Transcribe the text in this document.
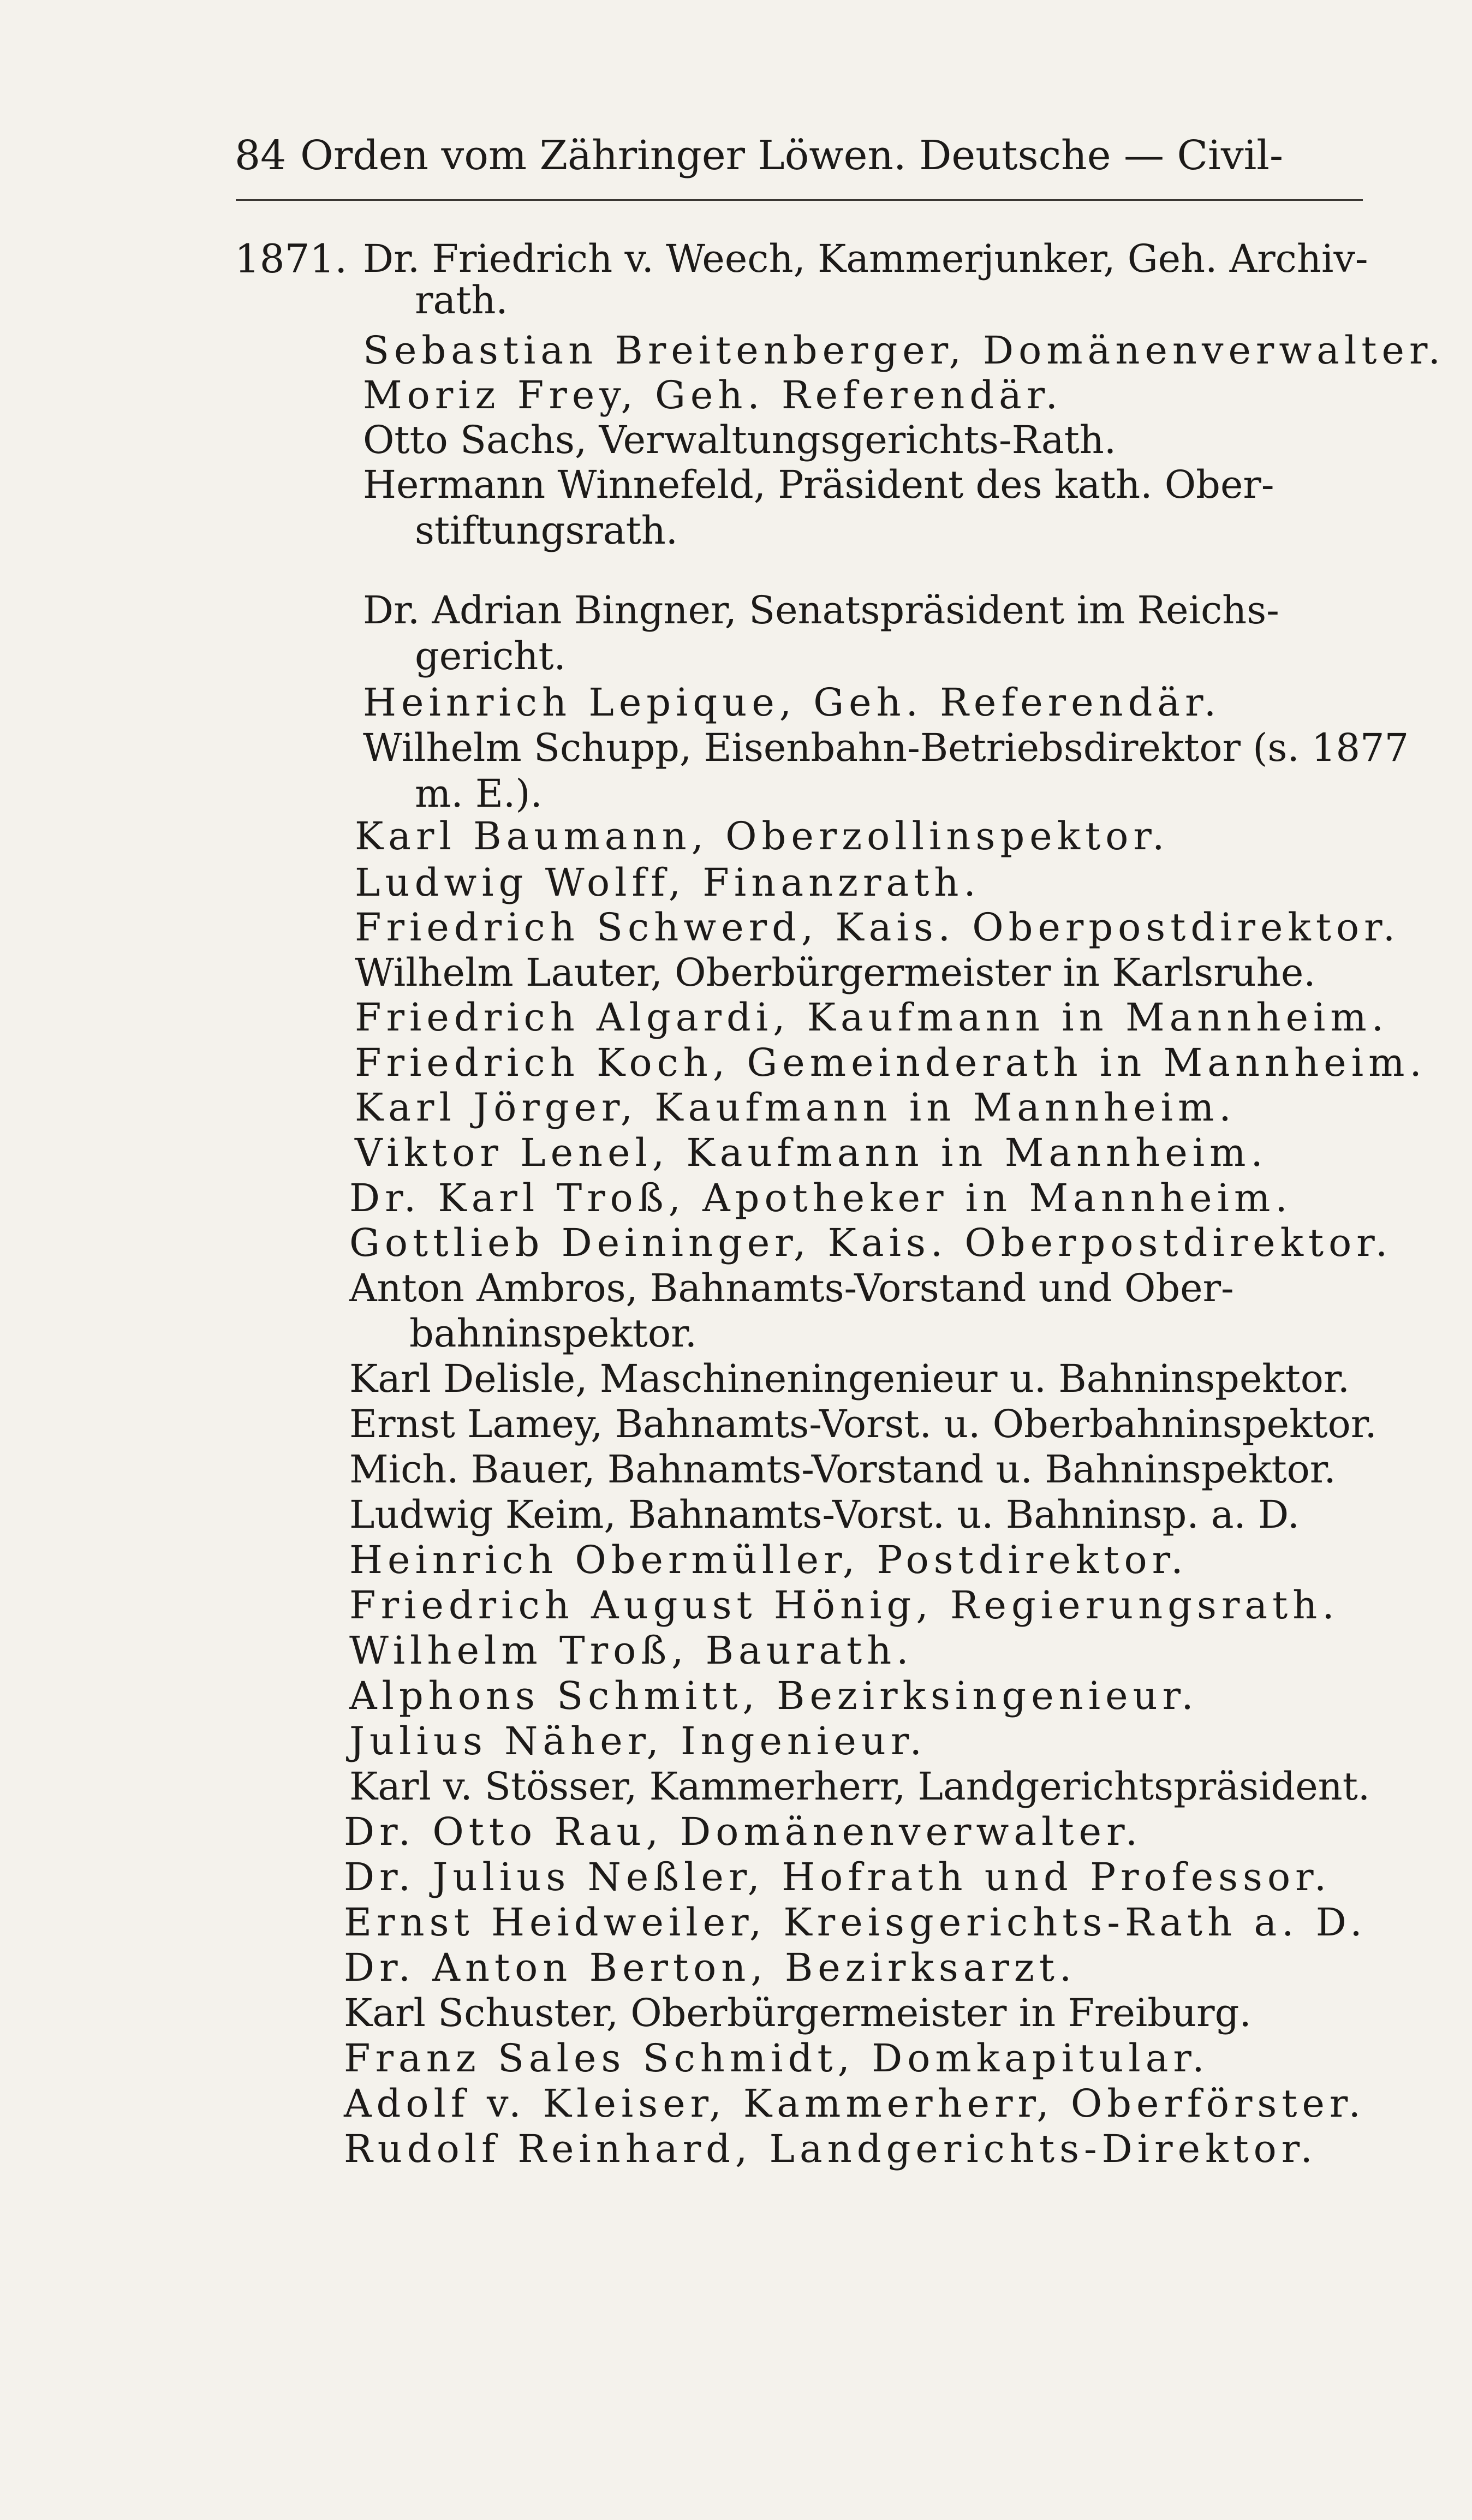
84 Orden vom Zähringer Löwen. Deutsche — Civil-
1871. Dr. Friedrich v. Weech, Kammerjunker, Geh. Archiv-
rath.
Sebastian Breitenberger, Domänenverwalter.
Moriz Frey, Geh. Referendär.
Otto Sachs, Verwaltungsgerichts-Rath.
Hermann Winnefeld, Präsident des kath. Ober-
stiftungsrath.
Dr. Adrian Bingner, Senatspräsident im Reichs-
gericht.
Heinrich Lepique, Geh. Referendär.
Wilhelm Schupp, Eisenbahn-Betriebsdirektor (s. 1877
m. E.).
Karl Baumann, Oberzollinspektor.
Ludwig Wolff, Finanzrath.
Friedrich Schwerd, Kais. Oberpostdirektor.
Wilhelm Lauter, Oberbürgermeister in Karlsruhe.
Friedrich Algardi, Kaufmann in Mannheim.
Friedrich Koch, Gemeinderath in Mannheim.
Karl Jörger, Kaufmann in Mannheim.
Viktor Lenel, Kaufmann in Mannheim.
Dr. Karl Troß, Apotheker in Mannheim.
Gottlieb Deininger, Kais. Oberpostdirektor.
Anton Ambros, Bahnamts-Vorstand und Ober-
bahninspektor.
Karl Delisle, Maschineningenieur u. Bahninspektor.
Ernst Lamey, Bahnamts-Vorst. u. Oberbahninspektor.
Mich. Bauer, Bahnamts-Vorstand u. Bahninspektor.
Ludwig Keim, Bahnamts-Vorst. u. Bahninsp. a. D.
Heinrich Obermüller, Postdirektor.
Friedrich August Hönig, Regierungsrath.
Wilhelm Troß, Baurath.
Alphons Schmitt, Bezirksingenieur.
Julius Näher, Ingenieur.
Karl v. Stösser, Kammerherr, Landgerichtspräsident.
Dr. Otto Rau, Domänenverwalter.
Dr. Julius Neßler, Hofrath und Professor.
Ernst Heidweiler, Kreisgerichts-Rath a. D.
Dr. Anton Berton, Bezirksarzt.
Karl Schuster, Oberbürgermeister in Freiburg.
Franz Sales Schmidt, Domkapitular.
Adolf v. Kleiser, Kammerherr, Oberförster.
Rudolf Reinhard, Landgerichts-Direktor.
